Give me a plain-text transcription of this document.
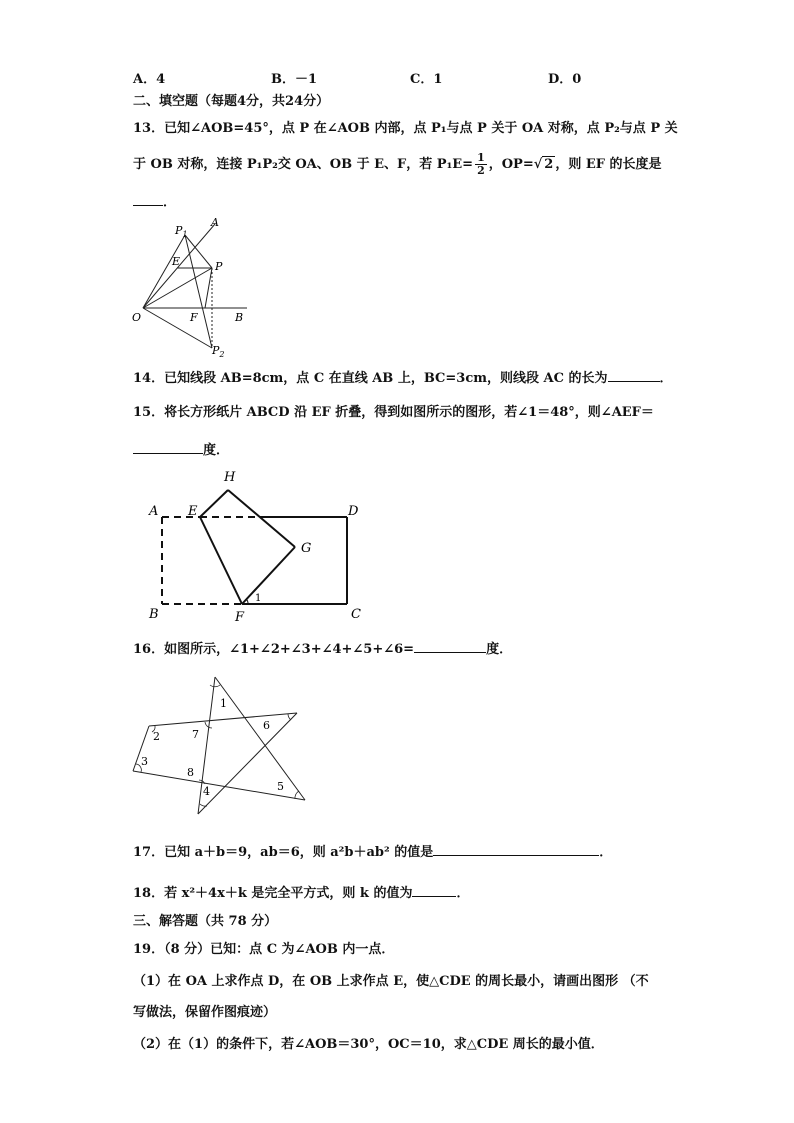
A．4	B．－1	C．1	D．0
二、填空题（每题4分，共24分）
13．已知∠AOB=45°，点 P 在∠AOB 内部，点 P₁与点 P 关于 OA 对称，点 P₂与点 P 关
于 OB 对称，连接 P₁P₂交 OA、OB 于 E、F，若 $P_1E= \frac{1}{2}$ ，OP=√ 2 ，则 EF 的长度是
．
$P_1$
A
E	P
O	F	B
$P_2$
14．已知线段 AB=8cm，点 C 在直线 AB 上，BC=3cm，则线段 AC 的长为	．
15．将长方形纸片 ABCD 沿 EF 折叠，得到如图所示的图形，若∠1＝48°，则∠AEF＝
度．
H
A E	D
G
B	F	C
1
16．如图所示，∠1+∠2+∠3+∠4+∠5+∠6=	度．
1
2
3
4	5
6
7
8
17．已知 a＋b＝9，ab＝6，则 a²b＋ab² 的值是	．
18．若 x²＋4x＋k 是完全平方式，则 k 的值为	．
三、解答题（共 78 分）
19．（8 分）已知：点 C 为∠AOB 内一点．
（1）在 OA 上求作点 D，在 OB 上求作点 E，使△CDE 的周长最小，请画出图形 （不
写做法，保留作图痕迹）
（2）在（1）的条件下，若∠AOB＝30°，OC＝10，求△CDE 周长的最小值．
